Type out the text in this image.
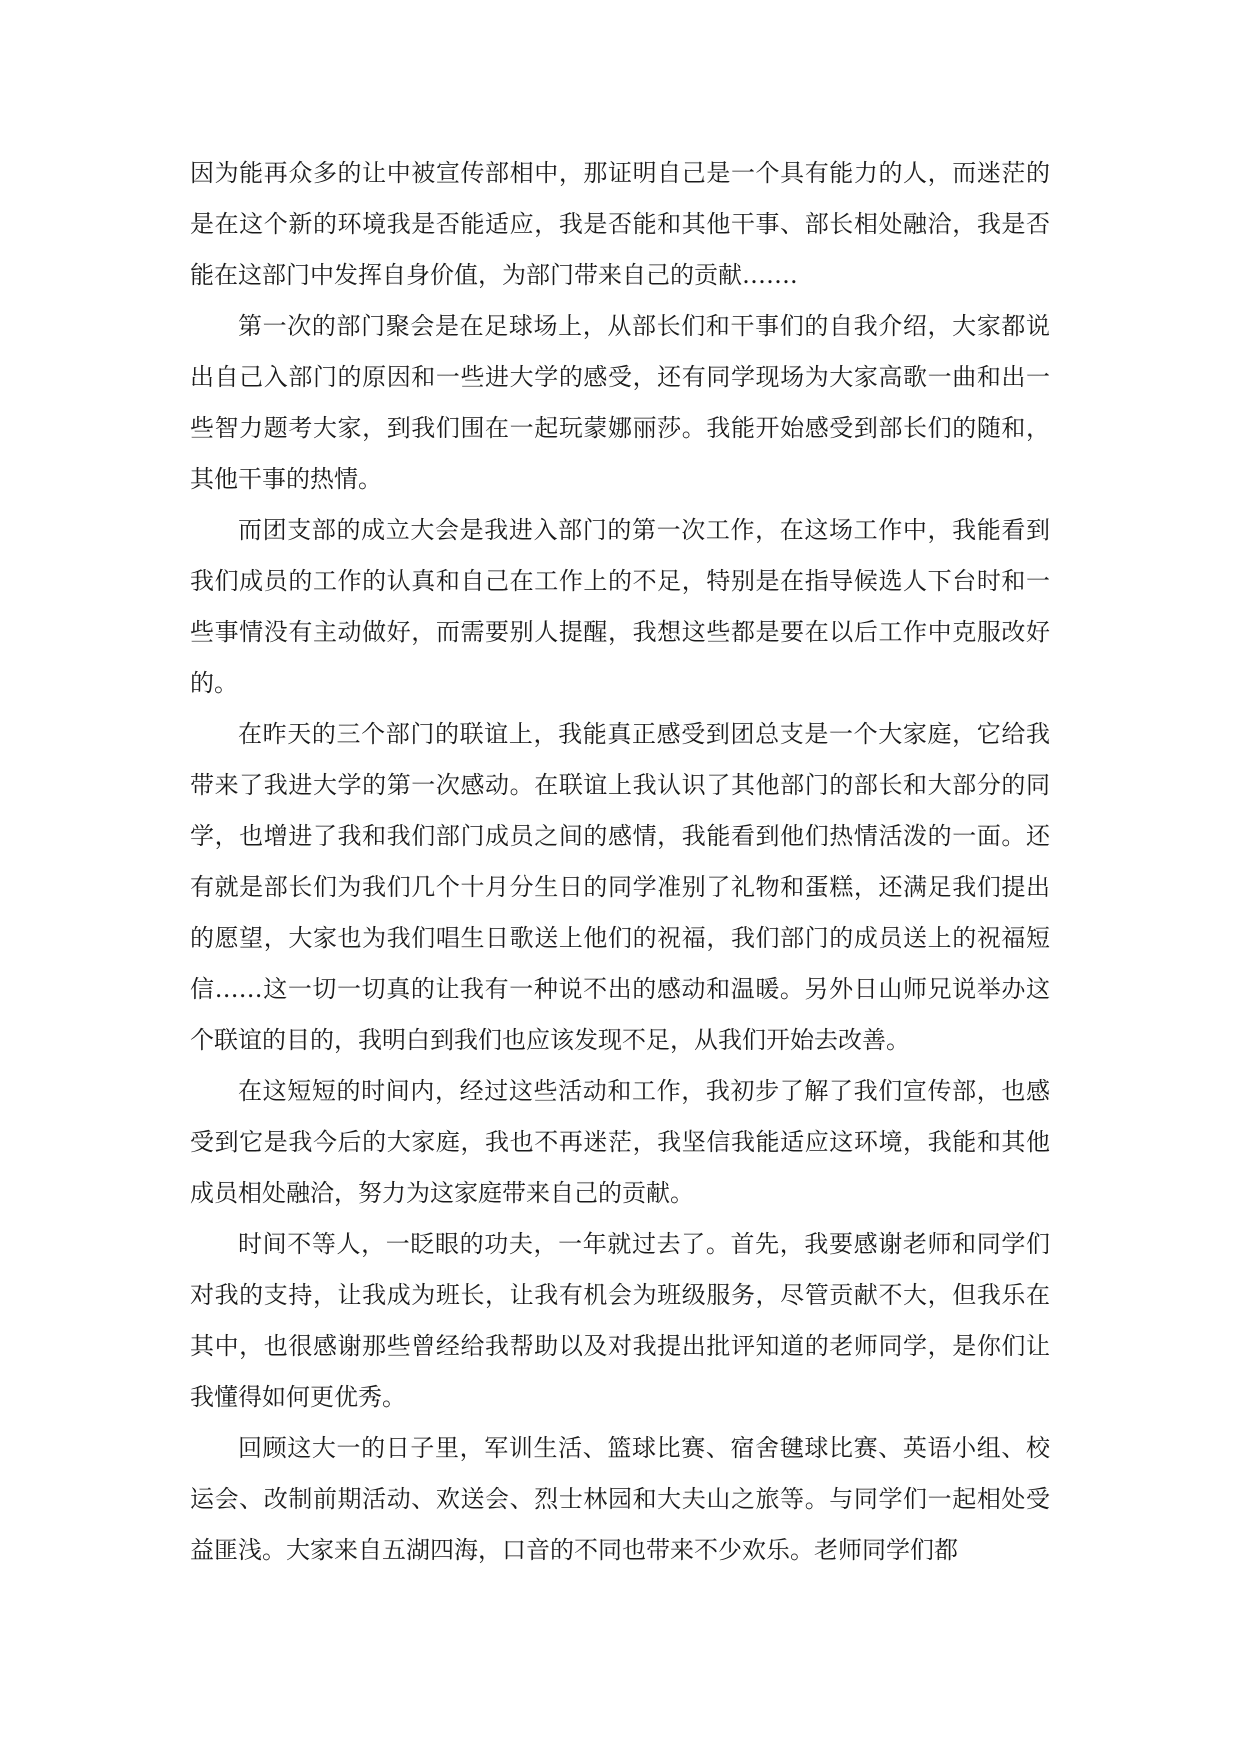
因为能再众多的让中被宣传部相中，那证明自己是一个具有能力的人，而迷茫的是在这个新的环境我是否能适应，我是否能和其他干事、部长相处融洽，我是否能在这部门中发挥自身价值，为部门带来自己的贡献…….

第一次的部门聚会是在足球场上，从部长们和干事们的自我介绍，大家都说出自己入部门的原因和一些进大学的感受，还有同学现场为大家高歌一曲和出一些智力题考大家，到我们围在一起玩蒙娜丽莎。我能开始感受到部长们的随和，其他干事的热情。

而团支部的成立大会是我进入部门的第一次工作，在这场工作中，我能看到我们成员的工作的认真和自己在工作上的不足，特别是在指导候选人下台时和一些事情没有主动做好，而需要别人提醒，我想这些都是要在以后工作中克服改好的。

在昨天的三个部门的联谊上，我能真正感受到团总支是一个大家庭，它给我带来了我进大学的第一次感动。在联谊上我认识了其他部门的部长和大部分的同学，也增进了我和我们部门成员之间的感情，我能看到他们热情活泼的一面。还有就是部长们为我们几个十月分生日的同学准别了礼物和蛋糕，还满足我们提出的愿望，大家也为我们唱生日歌送上他们的祝福，我们部门的成员送上的祝福短信……这一切一切真的让我有一种说不出的感动和温暖。另外日山师兄说举办这个联谊的目的，我明白到我们也应该发现不足，从我们开始去改善。

在这短短的时间内，经过这些活动和工作，我初步了解了我们宣传部，也感受到它是我今后的大家庭，我也不再迷茫，我坚信我能适应这环境，我能和其他成员相处融洽，努力为这家庭带来自己的贡献。

时间不等人，一眨眼的功夫，一年就过去了。首先，我要感谢老师和同学们对我的支持，让我成为班长，让我有机会为班级服务，尽管贡献不大，但我乐在其中，也很感谢那些曾经给我帮助以及对我提出批评知道的老师同学，是你们让我懂得如何更优秀。

回顾这大一的日子里，军训生活、篮球比赛、宿舍毽球比赛、英语小组、校运会、改制前期活动、欢送会、烈士林园和大夫山之旅等。与同学们一起相处受益匪浅。大家来自五湖四海，口音的不同也带来不少欢乐。老师同学们都
